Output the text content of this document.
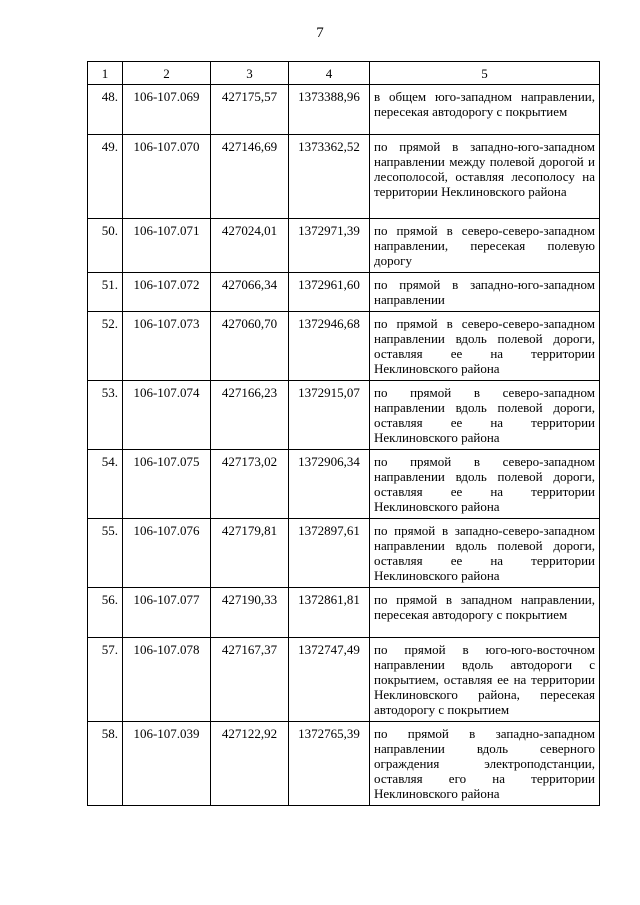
7
1	2	3	4	5
48.	106-107.069	427175,57	1373388,96	в общем юго-западном направлении, пересекая автодорогу с покрытием
49.	106-107.070	427146,69	1373362,52	по прямой в западно-юго-западном направлении между полевой дорогой и лесополосой, оставляя лесополосу на территории Неклиновского района
50.	106-107.071	427024,01	1372971,39	по прямой в северо-северо-западном направлении, пересекая полевую дорогу
51.	106-107.072	427066,34	1372961,60	по прямой в западно-юго-западном направлении
52.	106-107.073	427060,70	1372946,68	по прямой в северо-северо-западном направлении вдоль полевой дороги, оставляя ее на территории Неклиновского района
53.	106-107.074	427166,23	1372915,07	по прямой в северо-западном направлении вдоль полевой дороги, оставляя ее на территории Неклиновского района
54.	106-107.075	427173,02	1372906,34	по прямой в северо-западном направлении вдоль полевой дороги, оставляя ее на территории Неклиновского района
55.	106-107.076	427179,81	1372897,61	по прямой в западно-северо-западном направлении вдоль полевой дороги, оставляя ее на территории Неклиновского района
56.	106-107.077	427190,33	1372861,81	по прямой в западном направлении, пересекая автодорогу с покрытием
57.	106-107.078	427167,37	1372747,49	по прямой в юго-юго-восточном направлении вдоль автодороги с покрытием, оставляя ее на территории Неклиновского района, пересекая автодорогу с покрытием
58.	106-107.039	427122,92	1372765,39	по прямой в западно-западном направлении вдоль северного ограждения электроподстанции, оставляя его на территории Неклиновского района
